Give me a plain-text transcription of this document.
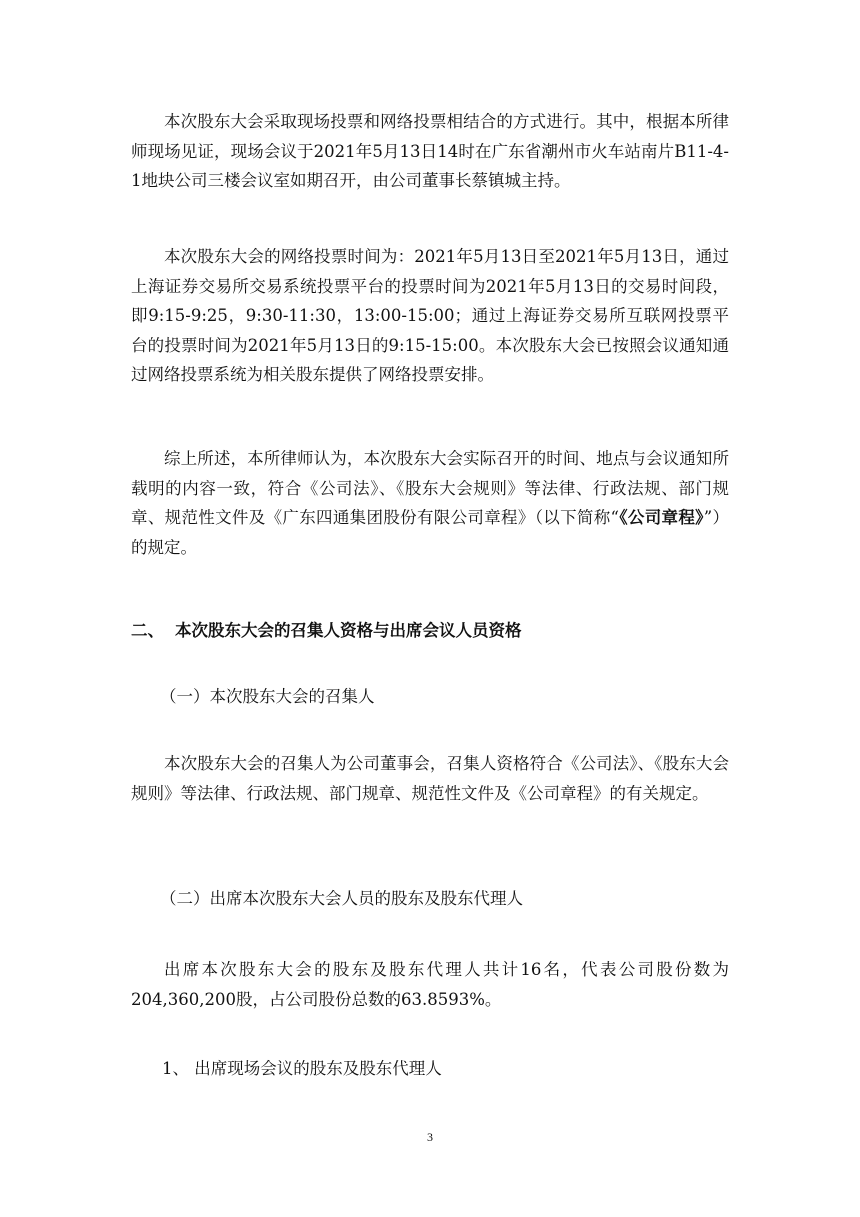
本次股东大会采取现场投票和网络投票相结合的方式进行。其中，根据本所律师现场见证，现场会议于2021年5月13日14时在广东省潮州市火车站南片B11-4-1地块公司三楼会议室如期召开，由公司董事长蔡镇城主持。

本次股东大会的网络投票时间为：2021年5月13日至2021年5月13日，通过上海证券交易所交易系统投票平台的投票时间为2021年5月13日的交易时间段，即9:15-9:25，9:30-11:30，13:00-15:00；通过上海证券交易所互联网投票平台的投票时间为2021年5月13日的9:15-15:00。本次股东大会已按照会议通知通过网络投票系统为相关股东提供了网络投票安排。

综上所述，本所律师认为，本次股东大会实际召开的时间、地点与会议通知所载明的内容一致，符合《公司法》、《股东大会规则》等法律、行政法规、部门规章、规范性文件及《广东四通集团股份有限公司章程》（以下简称“《公司章程》”）的规定。

二、 本次股东大会的召集人资格与出席会议人员资格

（一）本次股东大会的召集人

本次股东大会的召集人为公司董事会，召集人资格符合《公司法》、《股东大会规则》等法律、行政法规、部门规章、规范性文件及《公司章程》的有关规定。

（二）出席本次股东大会人员的股东及股东代理人

出席本次股东大会的股东及股东代理人共计16名，代表公司股份数为204,360,200股，占公司股份总数的63.8593%。

1、 出席现场会议的股东及股东代理人

3
